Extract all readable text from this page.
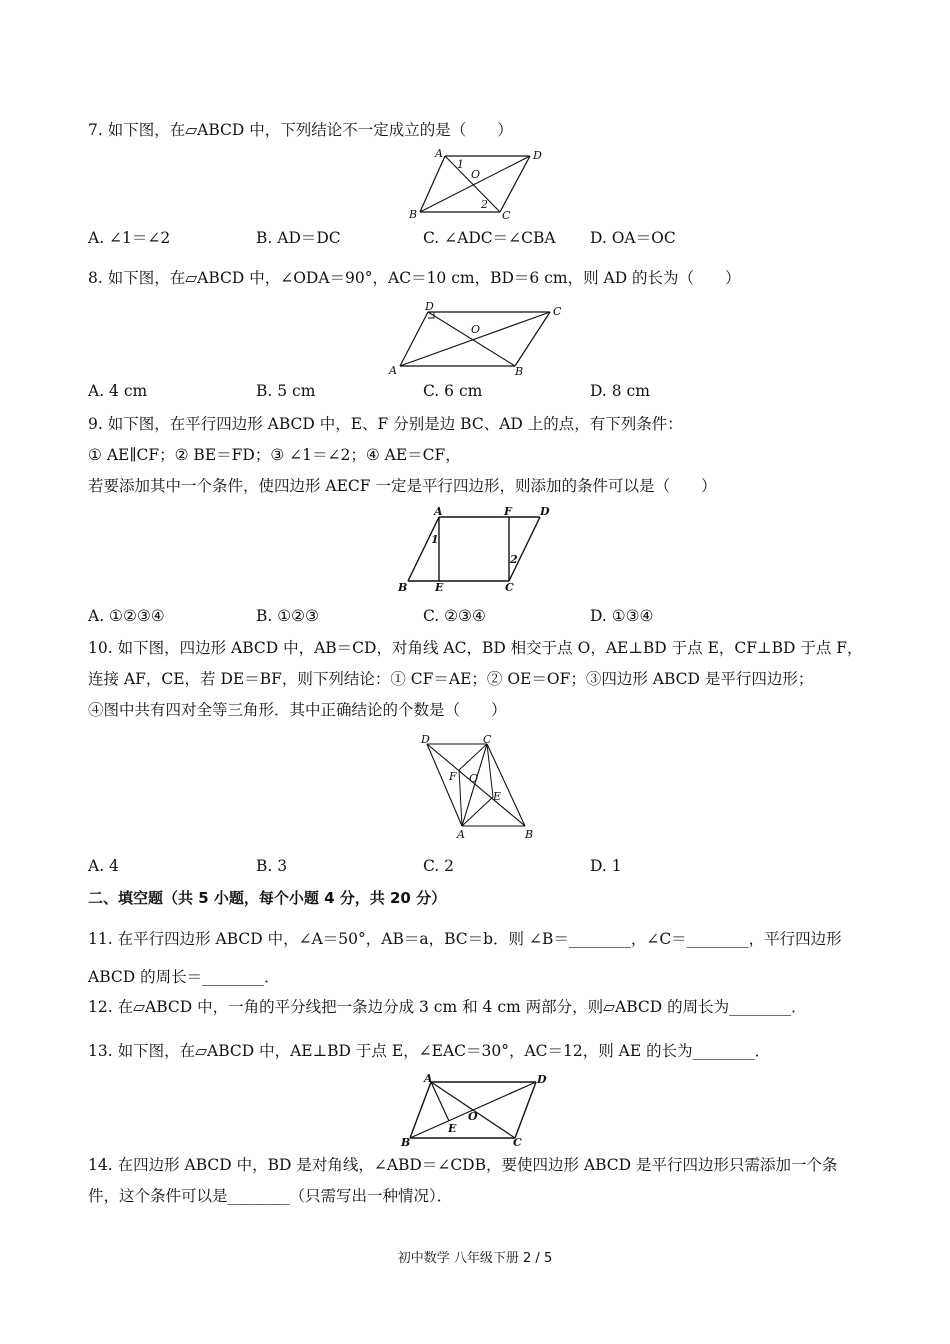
7. 如下图，在▱ABCD 中，下列结论不一定成立的是（　　）
A	D
B	C
O
1
2
A. ∠1＝∠2	B. AD＝DC	C. ∠ADC＝∠CBA D. OA＝OC
8. 如下图，在▱ABCD 中，∠ODA＝90°，AC＝10 cm，BD＝6 cm，则 AD 的长为（　　）
D	C
A	B
O
A. 4 cm	B. 5 cm	C. 6 cm	D. 8 cm
9. 如下图，在平行四边形 ABCD 中，E、F 分别是边 BC、AD 上的点，有下列条件：
① AE∥CF；② BE＝FD；③ ∠1＝∠2；④ AE＝CF，
若要添加其中一个条件，使四边形 AECF 一定是平行四边形，则添加的条件可以是（　　）
A	F	D
B	E	C
1
2
A. ①②③④	B. ①②③	C. ②③④	D. ①③④
10. 如下图，四边形 ABCD 中，AB＝CD，对角线 AC，BD 相交于点 O，AE⊥BD 于点 E，CF⊥BD 于点 F，
连接 AF，CE，若 DE＝BF，则下列结论：① CF＝AE；② OE＝OF；③四边形 ABCD 是平行四边形；
④图中共有四对全等三角形．其中正确结论的个数是（　　）
D	C
F O
E
A	B
A. 4	B. 3	C. 2	D. 1
二、填空题（共 5 小题，每个小题 4 分，共 20 分）
11. 在平行四边形 ABCD 中，∠A＝50°，AB＝a，BC＝b．则 ∠B＝________，∠C＝________，平行四边形
ABCD 的周长＝________．
12. 在▱ABCD 中，一角的平分线把一条边分成 3 cm 和 4 cm 两部分，则▱ABCD 的周长为________．
13. 如下图，在▱ABCD 中，AE⊥BD 于点 E，∠EAC＝30°，AC＝12，则 AE 的长为________．
A	D
B
E
O
C
14. 在四边形 ABCD 中，BD 是对角线，∠ABD＝∠CDB，要使四边形 ABCD 是平行四边形只需添加一个条
件，这个条件可以是________（只需写出一种情况）．
初中数学 八年级下册 2 / 5
